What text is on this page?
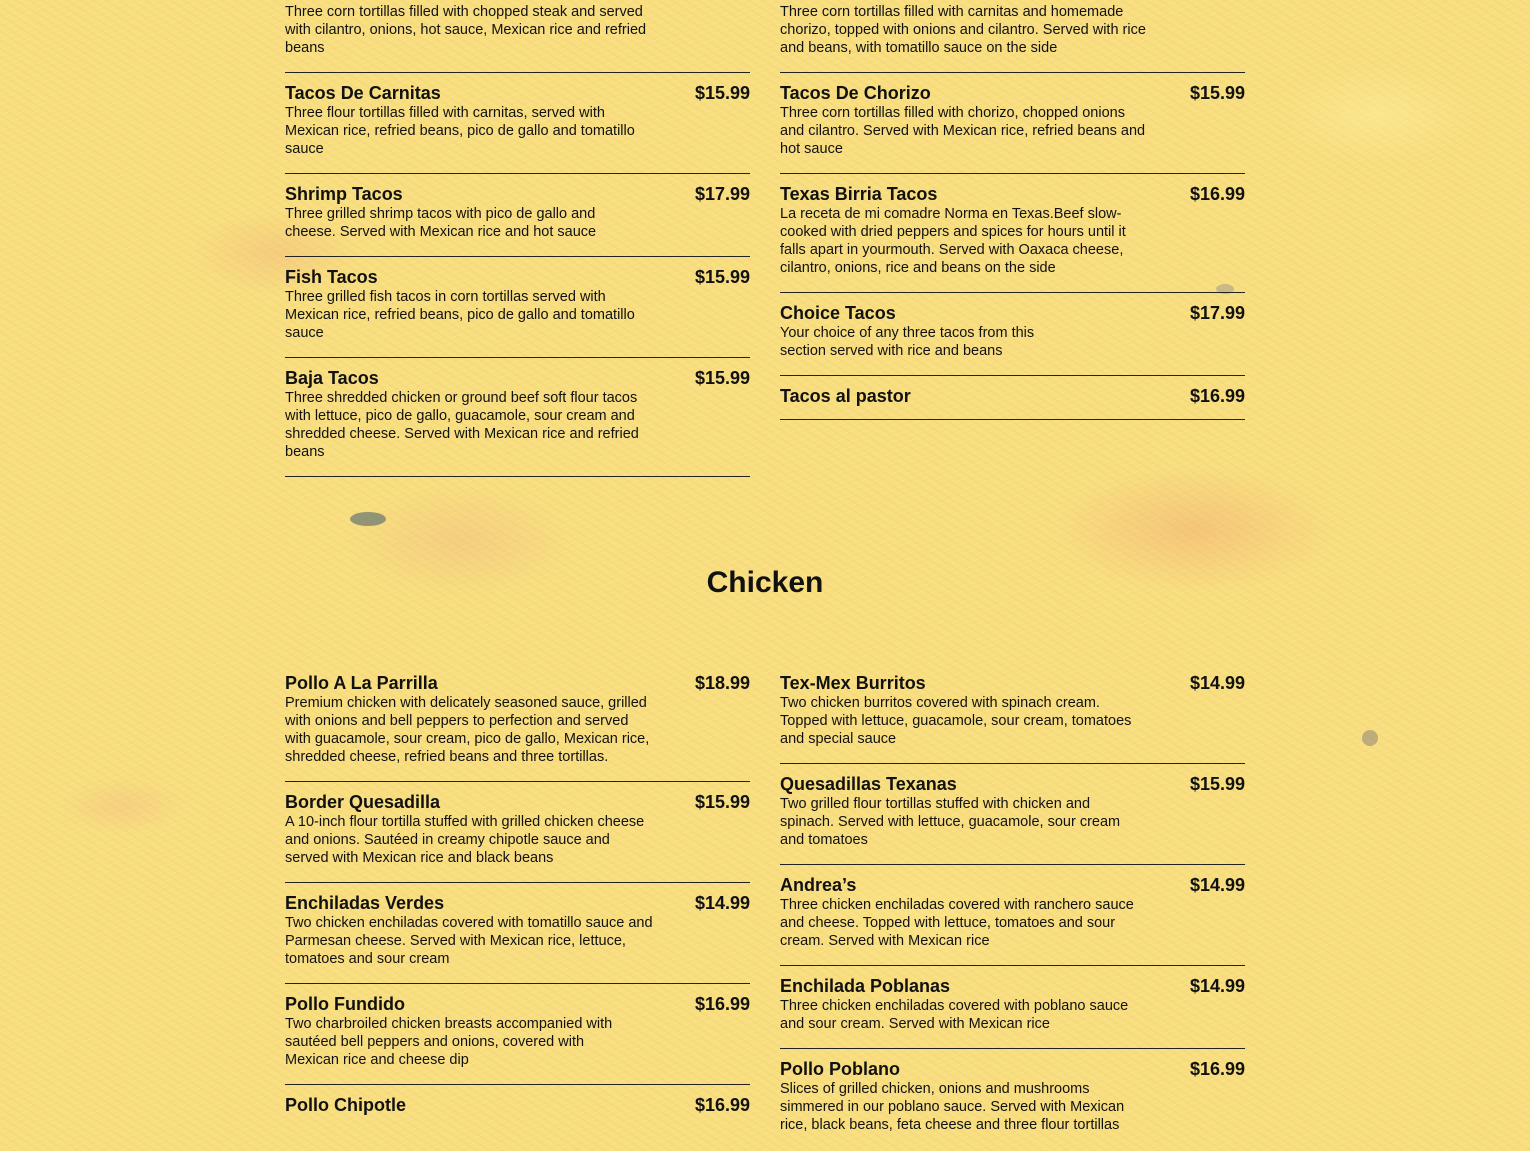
Three corn tortillas filled with chopped steak and served with cilantro, onions, hot sauce, Mexican rice and refried beans
Tacos De Carnitas	$15.99
Three flour tortillas filled with carnitas, served with Mexican rice, refried beans, pico de gallo and tomatillo sauce
Shrimp Tacos	$17.99
Three grilled shrimp tacos with pico de gallo and cheese. Served with Mexican rice and hot sauce
Fish Tacos	$15.99
Three grilled fish tacos in corn tortillas served with Mexican rice, refried beans, pico de gallo and tomatillo sauce
Baja Tacos	$15.99
Three shredded chicken or ground beef soft flour tacos with lettuce, pico de gallo, guacamole, sour cream and shredded cheese. Served with Mexican rice and refried beans
Three corn tortillas filled with carnitas and homemade chorizo, topped with onions and cilantro. Served with rice and beans, with tomatillo sauce on the side
Tacos De Chorizo	$15.99
Three corn tortillas filled with chorizo, chopped onions and cilantro. Served with Mexican rice, refried beans and hot sauce
Texas Birria Tacos	$16.99
La receta de mi comadre Norma en Texas.Beef slow-cooked with dried peppers and spices for hours until it falls apart in yourmouth. Served with Oaxaca cheese, cilantro, onions, rice and beans on the side
Choice Tacos	$17.99
Your choice of any three tacos from this section served with rice and beans
Tacos al pastor	$16.99
Chicken
Pollo A La Parrilla	$18.99
Premium chicken with delicately seasoned sauce, grilled with onions and bell peppers to perfection and served with guacamole, sour cream, pico de gallo, Mexican rice, shredded cheese, refried beans and three tortillas.
Border Quesadilla	$15.99
A 10-inch flour tortilla stuffed with grilled chicken cheese and onions. Sautéed in creamy chipotle sauce and served with Mexican rice and black beans
Enchiladas Verdes	$14.99
Two chicken enchiladas covered with tomatillo sauce and Parmesan cheese. Served with Mexican rice, lettuce, tomatoes and sour cream
Pollo Fundido	$16.99
Two charbroiled chicken breasts accompanied with sautéed bell peppers and onions, covered with Mexican rice and cheese dip
Pollo Chipotle	$16.99
Tex-Mex Burritos	$14.99
Two chicken burritos covered with spinach cream. Topped with lettuce, guacamole, sour cream, tomatoes and special sauce
Quesadillas Texanas	$15.99
Two grilled flour tortillas stuffed with chicken and spinach. Served with lettuce, guacamole, sour cream and tomatoes
Andrea’s	$14.99
Three chicken enchiladas covered with ranchero sauce and cheese. Topped with lettuce, tomatoes and sour cream. Served with Mexican rice
Enchilada Poblanas	$14.99
Three chicken enchiladas covered with poblano sauce and sour cream. Served with Mexican rice
Pollo Poblano	$16.99
Slices of grilled chicken, onions and mushrooms simmered in our poblano sauce. Served with Mexican rice, black beans, feta cheese and three flour tortillas
